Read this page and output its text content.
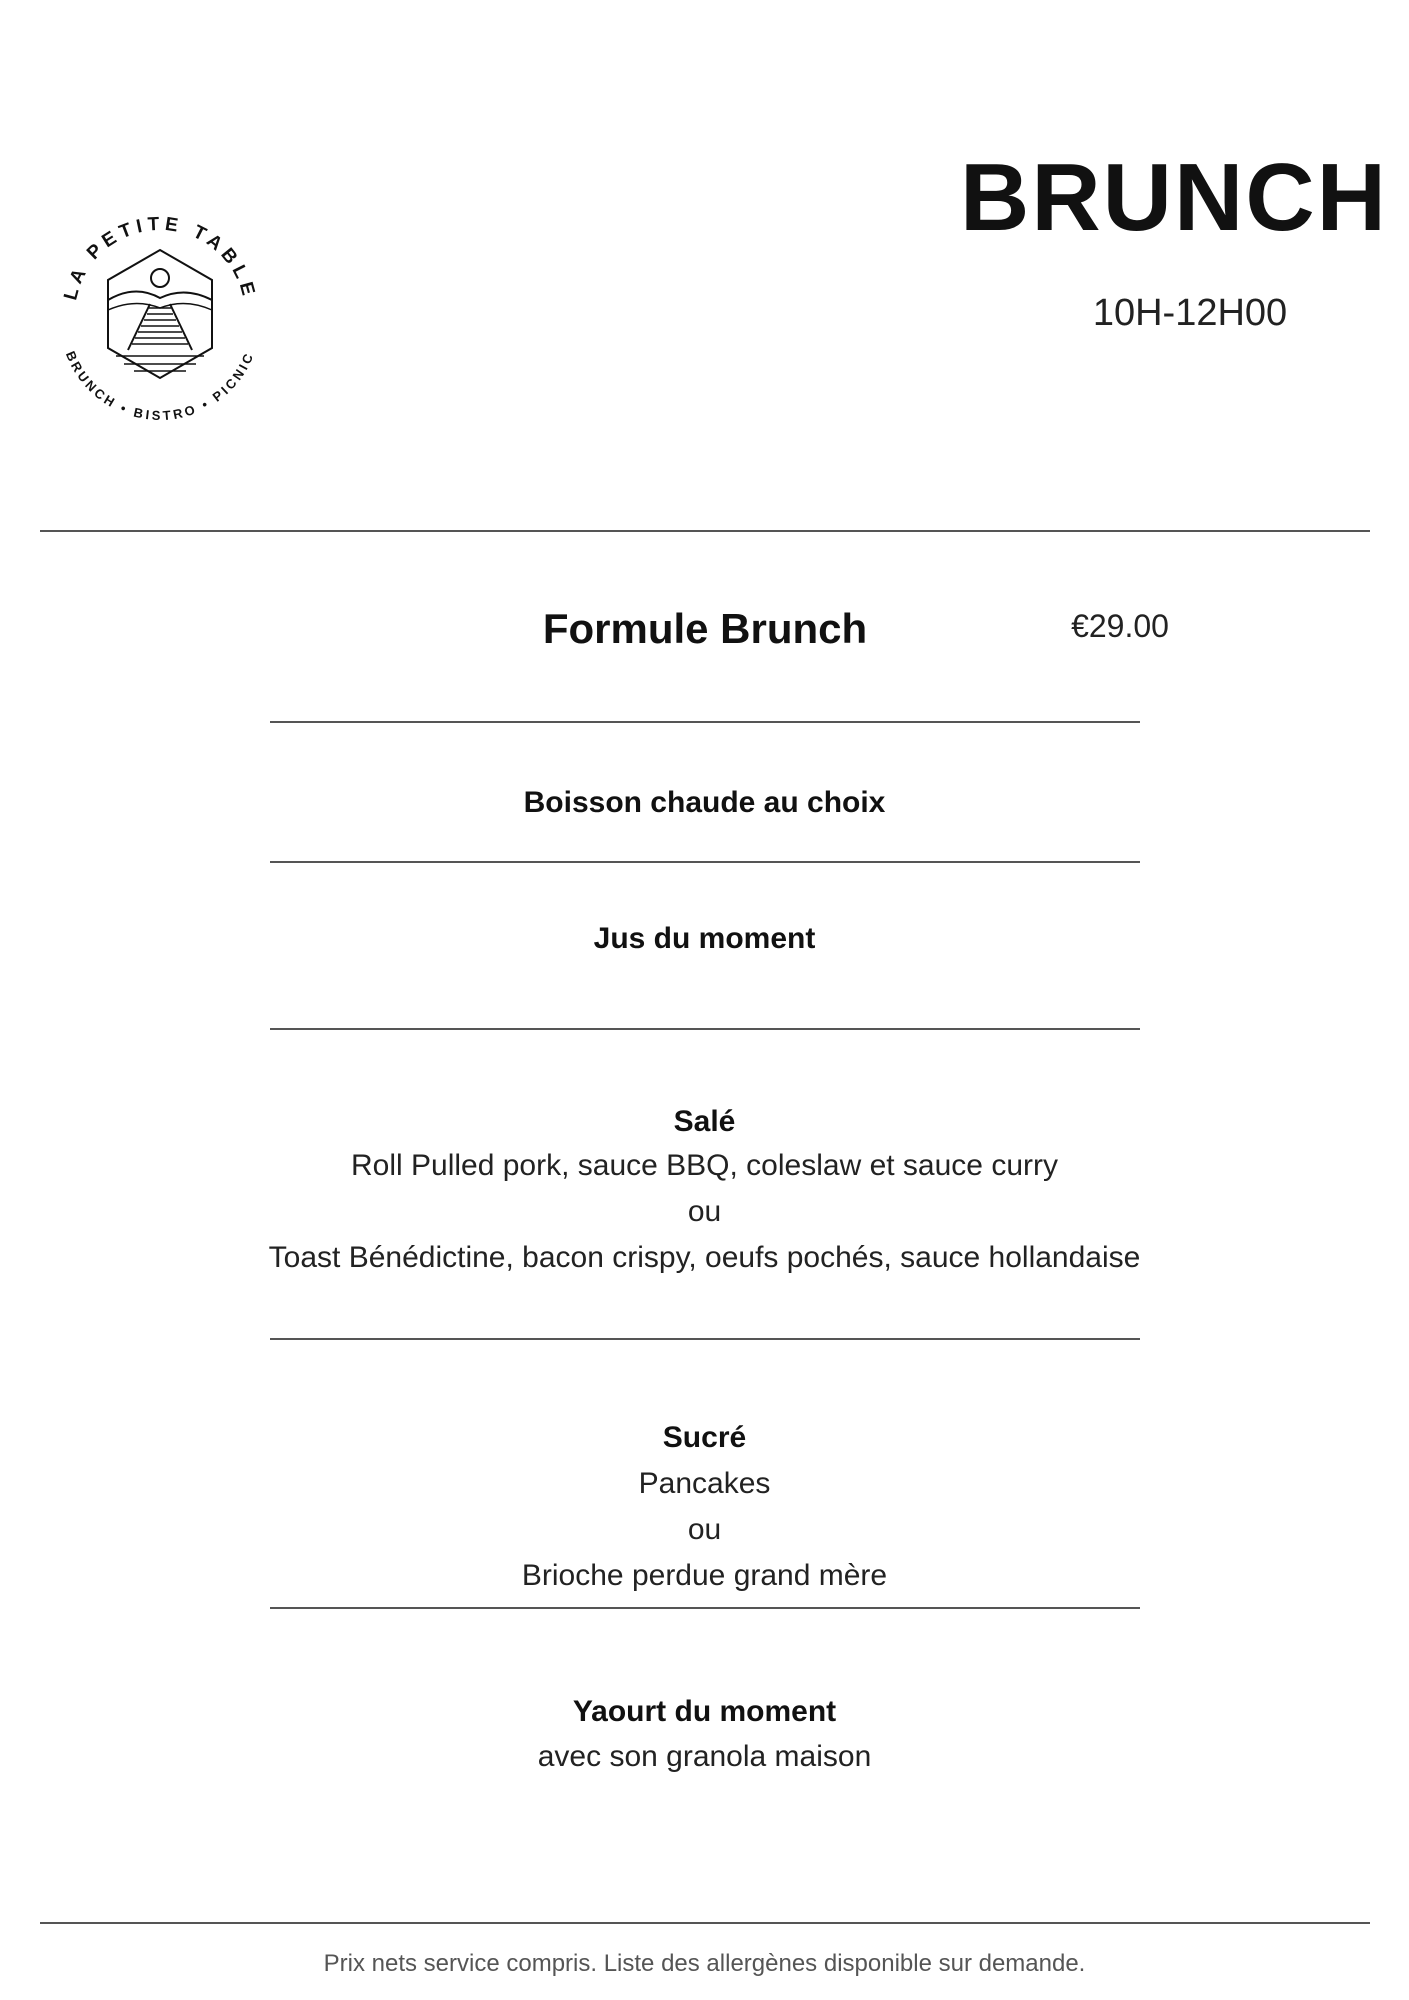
LA PETITE TABLE
BRUNCH • BISTRO • PICNIC
BRUNCH
10H-12H00
Formule Brunch	€29.00
Boisson chaude au choix
Jus du moment
Salé
Roll Pulled pork, sauce BBQ, coleslaw et sauce curry
ou
Toast Bénédictine, bacon crispy, oeufs pochés, sauce hollandaise
Sucré
Pancakes
ou
Brioche perdue grand mère
Yaourt du moment
avec son granola maison
Prix nets service compris. Liste des allergènes disponible sur demande.
